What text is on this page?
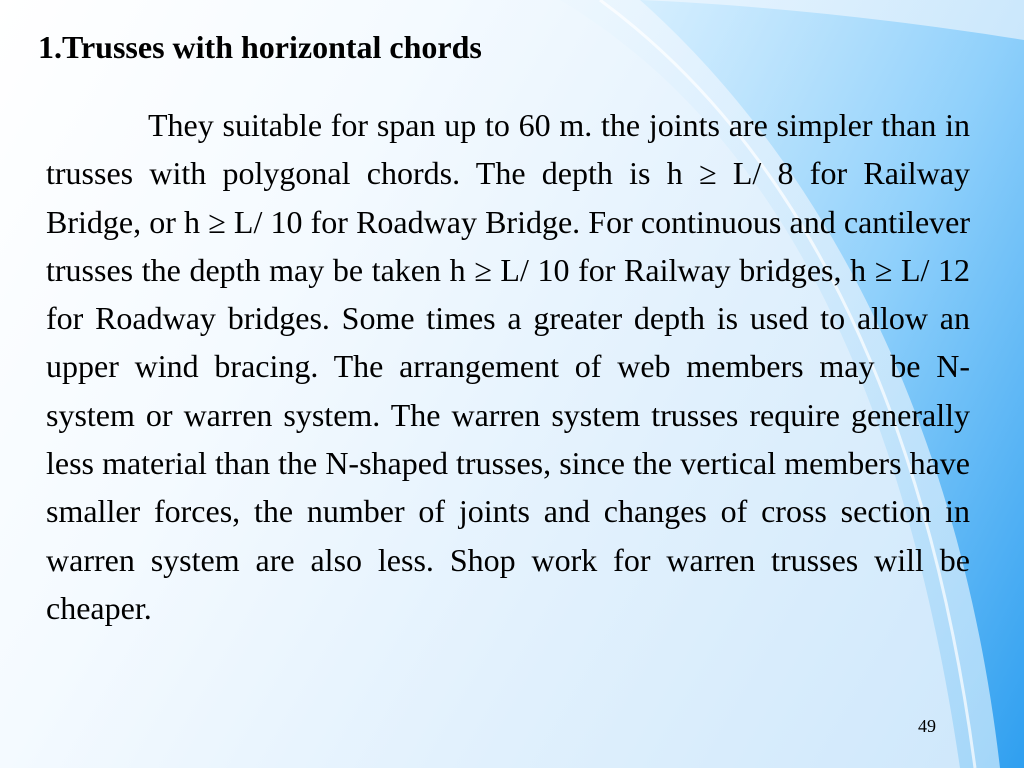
1.Trusses with horizontal chords

They suitable for span up to 60 m. the joints are simpler than in trusses with polygonal chords. The depth is h ≥ L/ 8 for Railway Bridge, or h ≥ L/ 10 for Roadway Bridge. For continuous and cantilever trusses the depth may be taken h ≥ L/ 10 for Railway bridges, h ≥ L/ 12 for Roadway bridges. Some times a greater depth is used to allow an upper wind bracing. The arrangement of web members may be N-system or warren system. The warren system trusses require generally less material than the N-shaped trusses, since the vertical members have smaller forces, the number of joints and changes of cross section in warren system are also less. Shop work for warren trusses will be cheaper.

49
